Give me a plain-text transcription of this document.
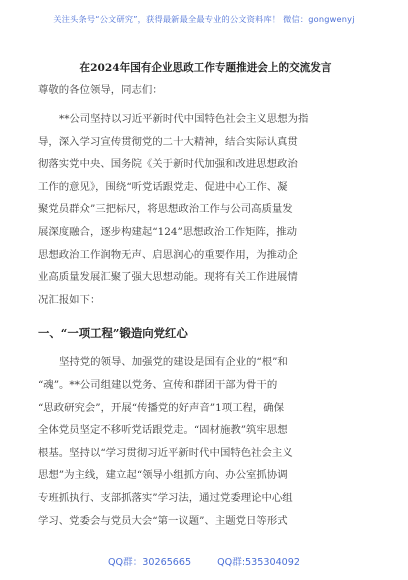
关注头条号“公文研究”，获得最新最全最专业的公文资料库！ 微信：gongwenyj
在2024年国有企业思政工作专题推进会上的交流发言
尊敬的各位领导，同志们：
**公司坚持以习近平新时代中国特色社会主义思想为指
导，深入学习宣传贯彻党的二十大精神，结合实际认真贯
彻落实党中央、国务院《关于新时代加强和改进思想政治
工作的意见》，围绕“听党话跟党走、促进中心工作、凝
聚党员群众”三把标尺，将思想政治工作与公司高质量发
展深度融合，逐步构建起“124”思想政治工作矩阵，推动
思想政治工作润物无声、启思润心的重要作用，为推动企
业高质量发展汇聚了强大思想动能。现将有关工作进展情
况汇报如下：
一、“一项工程”锻造向党红心
坚持党的领导、加强党的建设是国有企业的“根”和
“魂”。**公司组建以党务、宣传和群团干部为骨干的
“思政研究会”，开展“传播党的好声音”1项工程，确保
全体党员坚定不移听党话跟党走。“固材施教”筑牢思想
根基。坚持以“学习贯彻习近平新时代中国特色社会主义
思想”为主线，建立起“领导小组抓方向、办公室抓协调
专班抓执行、支部抓落实”学习法，通过党委理论中心组
学习、党委会与党员大会“第一议题”、主题党日等形式
QQ群：30265665	QQ群:535304092
